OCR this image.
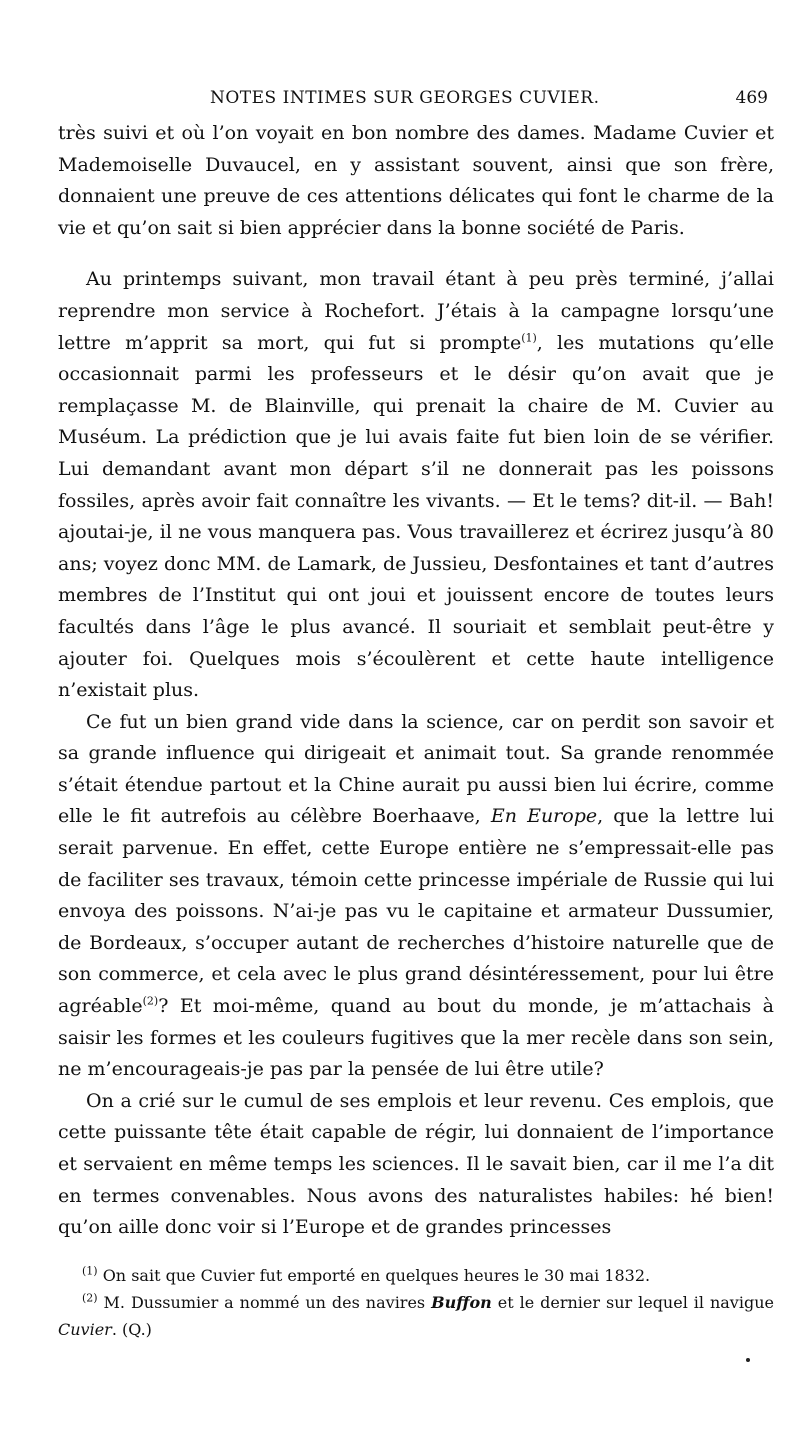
NOTES INTIMES SUR GEORGES CUVIER.	469

très suivi et où l’on voyait en bon nombre des dames. Madame Cuvier et Mademoiselle Duvaucel, en y assistant souvent, ainsi que son frère, donnaient une preuve de ces attentions délicates qui font le charme de la vie et qu’on sait si bien apprécier dans la bonne société de Paris.

Au printemps suivant, mon travail étant à peu près terminé, j’allai reprendre mon service à Rochefort. J’étais à la campagne lorsqu’une lettre m’apprit sa mort, qui fut si prompte$^{(1)}$, les mutations qu’elle occasionnait parmi les professeurs et le désir qu’on avait que je remplaçasse M. de Blainville, qui prenait la chaire de M. Cuvier au Muséum. La prédiction que je lui avais faite fut bien loin de se vérifier. Lui demandant avant mon départ s’il ne donnerait pas les poissons fossiles, après avoir fait connaître les vivants. — Et le tems? dit-il. — Bah! ajoutai-je, il ne vous manquera pas. Vous travaillerez et écrirez jusqu’à 80 ans; voyez donc MM. de Lamark, de Jussieu, Desfontaines et tant d’autres membres de l’Institut qui ont joui et jouissent encore de toutes leurs facultés dans l’âge le plus avancé. Il souriait et semblait peut-être y ajouter foi. Quelques mois s’écoulèrent et cette haute intelligence n’existait plus.

Ce fut un bien grand vide dans la science, car on perdit son savoir et sa grande influence qui dirigeait et animait tout. Sa grande renommée s’était étendue partout et la Chine aurait pu aussi bien lui écrire, comme elle le fit autrefois au célèbre Boerhaave, En Europe, que la lettre lui serait parvenue. En effet, cette Europe entière ne s’empressait-elle pas de faciliter ses travaux, témoin cette princesse impériale de Russie qui lui envoya des poissons. N’ai-je pas vu le capitaine et armateur Dussumier, de Bordeaux, s’occuper autant de recherches d’histoire naturelle que de son commerce, et cela avec le plus grand désintéressement, pour lui être agréable$^{(2)}$? Et moi-même, quand au bout du monde, je m’attachais à saisir les formes et les couleurs fugitives que la mer recèle dans son sein, ne m’encourageais-je pas par la pensée de lui être utile?

On a crié sur le cumul de ses emplois et leur revenu. Ces emplois, que cette puissante tête était capable de régir, lui donnaient de l’importance et servaient en même temps les sciences. Il le savait bien, car il me l’a dit en termes convenables. Nous avons des naturalistes habiles: hé bien! qu’on aille donc voir si l’Europe et de grandes princesses

$^{(1)}$ On sait que Cuvier fut emporté en quelques heures le 30 mai 1832.

$^{(2)}$ M. Dussumier a nommé un des navires Buffon et le dernier sur lequel il navigue Cuvier. (Q.)
